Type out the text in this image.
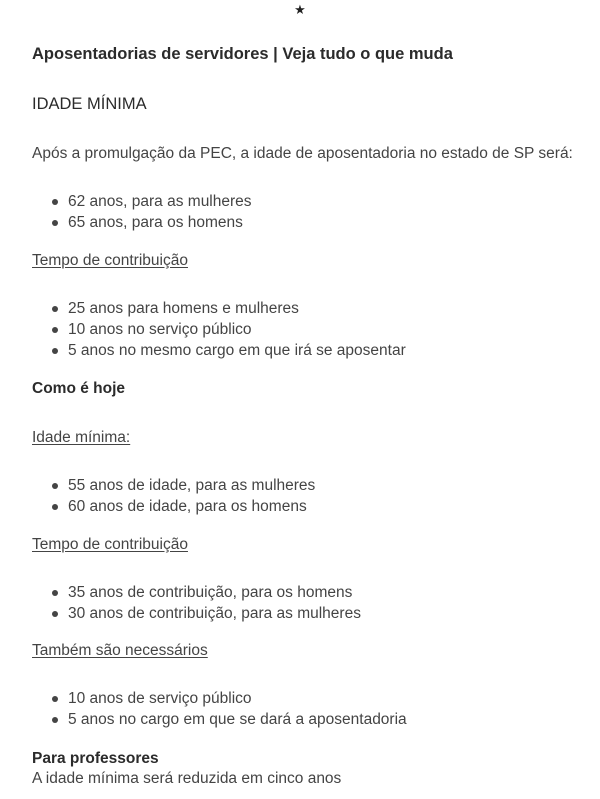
★
Aposentadorias de servidores | Veja tudo o que muda
IDADE MÍNIMA
Após a promulgação da PEC, a idade de aposentadoria no estado de SP será:
62 anos, para as mulheres
65 anos, para os homens
Tempo de contribuição
25 anos para homens e mulheres
10 anos no serviço público
5 anos no mesmo cargo em que irá se aposentar
Como é hoje
Idade mínima:
55 anos de idade, para as mulheres
60 anos de idade, para os homens
Tempo de contribuição
35 anos de contribuição, para os homens
30 anos de contribuição, para as mulheres
Também são necessários
10 anos de serviço público
5 anos no cargo em que se dará a aposentadoria
Para professores
A idade mínima será reduzida em cinco anos
